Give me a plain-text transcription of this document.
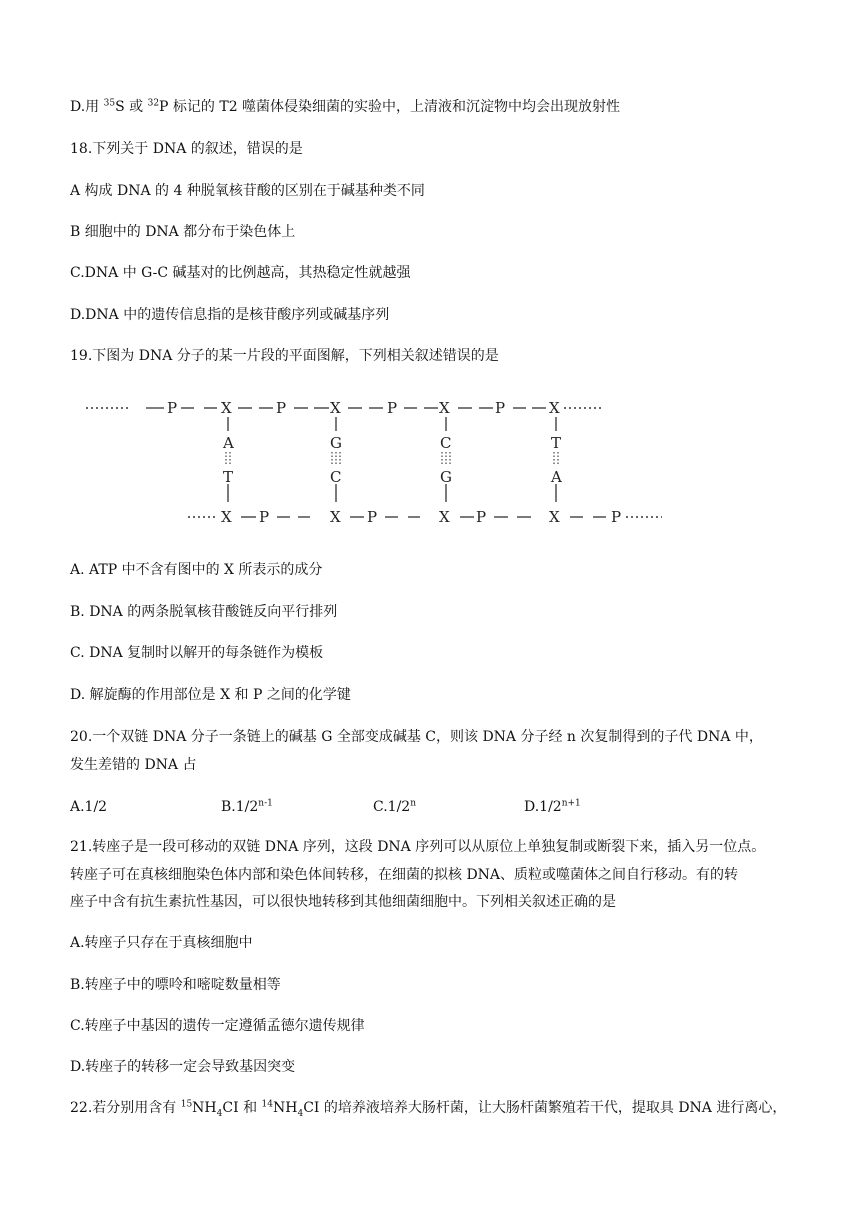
D.用 $^{35}$S 或 $^{32}$P 标记的 T2 噬菌体侵染细菌的实验中，上清液和沉淀物中均会出现放射性
18.下列关于 DNA 的叙述，错误的是
A 构成 DNA 的 4 种脱氧核苷酸的区别在于碱基种类不同
B 细胞中的 DNA 都分布于染色体上
C.DNA 中 G-C 碱基对的比例越高，其热稳定性就越强
D.DNA 中的遗传信息指的是核苷酸序列或碱基序列
19.下图为 DNA 分子的某一片段的平面图解，下列相关叙述错误的是
P	X	P	X	P	X	P	X
A	G	C	T
T	C	G	A
X P	X P	X P	X	P
A. ATP 中不含有图中的 X 所表示的成分
B. DNA 的两条脱氧核苷酸链反向平行排列
C. DNA 复制时以解开的每条链作为模板
D. 解旋酶的作用部位是 X 和 P 之间的化学键
20.一个双链 DNA 分子一条链上的碱基 G 全部变成碱基 C，则该 DNA 分子经 n 次复制得到的子代 DNA 中，
发生差错的 DNA 占
A.1/2	B.1/2$^{n-1}$	C.1/2$^n$	$D.1/2^{n+1}$
21.转座子是一段可移动的双链 DNA 序列，这段 DNA 序列可以从原位上单独复制或断裂下来，插入另一位点。
转座子可在真核细胞染色体内部和染色体间转移，在细菌的拟核 DNA、质粒或噬菌体之间自行移动。有的转
座子中含有抗生素抗性基因，可以很快地转移到其他细菌细胞中。下列相关叙述正确的是
A.转座子只存在于真核细胞中
B.转座子中的嘌呤和嘧啶数量相等
C.转座子中基因的遗传一定遵循孟德尔遗传规律
D.转座子的转移一定会导致基因突变
22.若分别用含有 $^{15}NH_4CI$ 和 $^{14}NH_4CI$ 的培养液培养大肠杆菌，让大肠杆菌繁殖若干代，提取具 DNA 进行离心，
